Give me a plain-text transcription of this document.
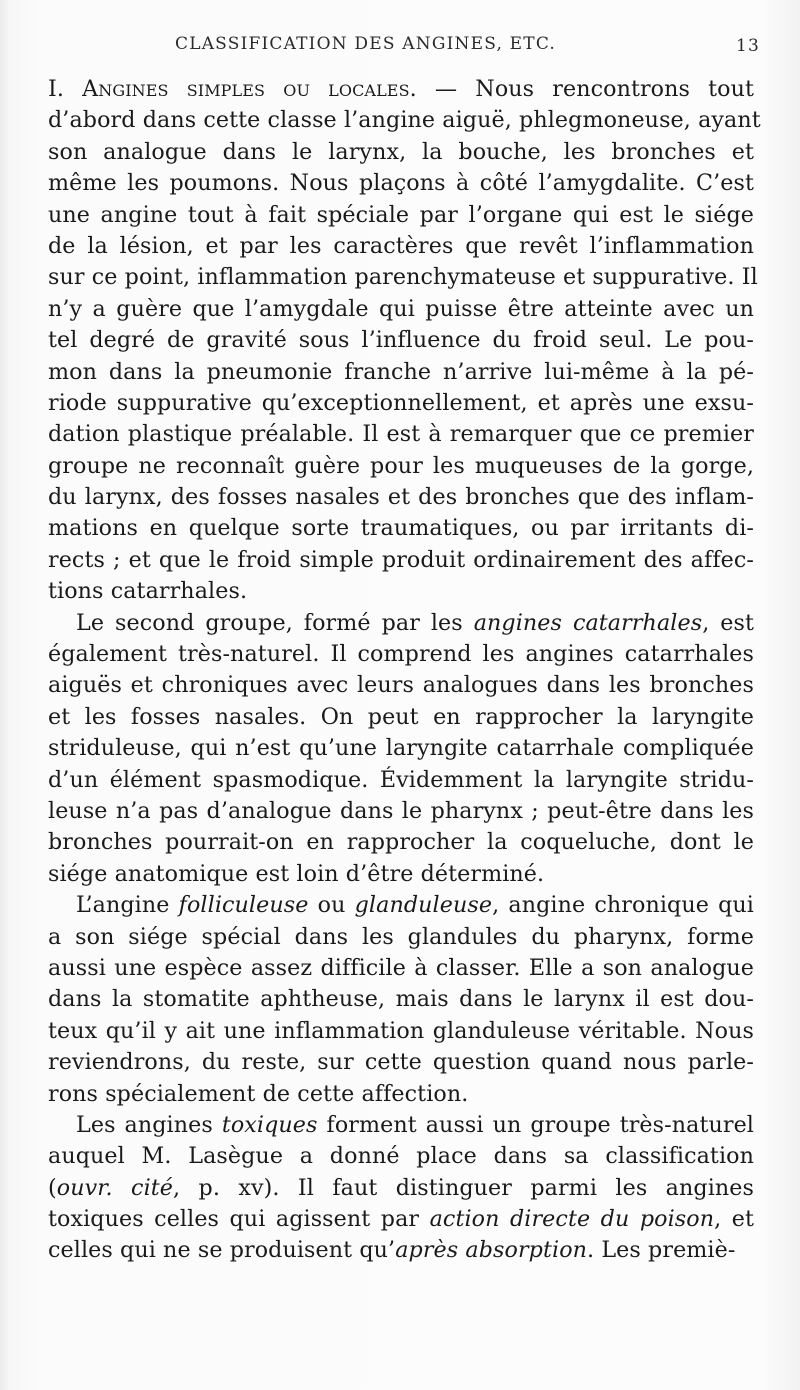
CLASSIFICATION DES ANGINES, ETC.	13
I. Angines simples ou locales. — Nous rencontrons tout
d’abord dans cette classe l’angine aiguë, phlegmoneuse, ayant
son analogue dans le larynx, la bouche, les bronches et
même les poumons. Nous plaçons à côté l’amygdalite. C’est
une angine tout à fait spéciale par l’organe qui est le siége
de la lésion, et par les caractères que revêt l’inflammation
sur ce point, inflammation parenchymateuse et suppurative. Il
n’y a guère que l’amygdale qui puisse être atteinte avec un
tel degré de gravité sous l’influence du froid seul. Le pou-
mon dans la pneumonie franche n’arrive lui-même à la pé-
riode suppurative qu’exceptionnellement, et après une exsu-
dation plastique préalable. Il est à remarquer que ce premier
groupe ne reconnaît guère pour les muqueuses de la gorge,
du larynx, des fosses nasales et des bronches que des inflam-
mations en quelque sorte traumatiques, ou par irritants di-
rects ; et que le froid simple produit ordinairement des affec-
tions catarrhales.
Le second groupe, formé par les angines catarrhales, est
également très-naturel. Il comprend les angines catarrhales
aiguës et chroniques avec leurs analogues dans les bronches
et les fosses nasales. On peut en rapprocher la laryngite
striduleuse, qui n’est qu’une laryngite catarrhale compliquée
d’un élément spasmodique. Évidemment la laryngite stridu-
leuse n’a pas d’analogue dans le pharynx ; peut-être dans les
bronches pourrait-on en rapprocher la coqueluche, dont le
siége anatomique est loin d’être déterminé.
L’angine folliculeuse ou glanduleuse, angine chronique qui
a son siége spécial dans les glandules du pharynx, forme
aussi une espèce assez difficile à classer. Elle a son analogue
dans la stomatite aphtheuse, mais dans le larynx il est dou-
teux qu’il y ait une inflammation glanduleuse véritable. Nous
reviendrons, du reste, sur cette question quand nous parle-
rons spécialement de cette affection.
Les angines toxiques forment aussi un groupe très-naturel
auquel M. Lasègue a donné place dans sa classification
(ouvr. cité, p. xv). Il faut distinguer parmi les angines
toxiques celles qui agissent par action directe du poison, et
celles qui ne se produisent qu’après absorption. Les premiè-
